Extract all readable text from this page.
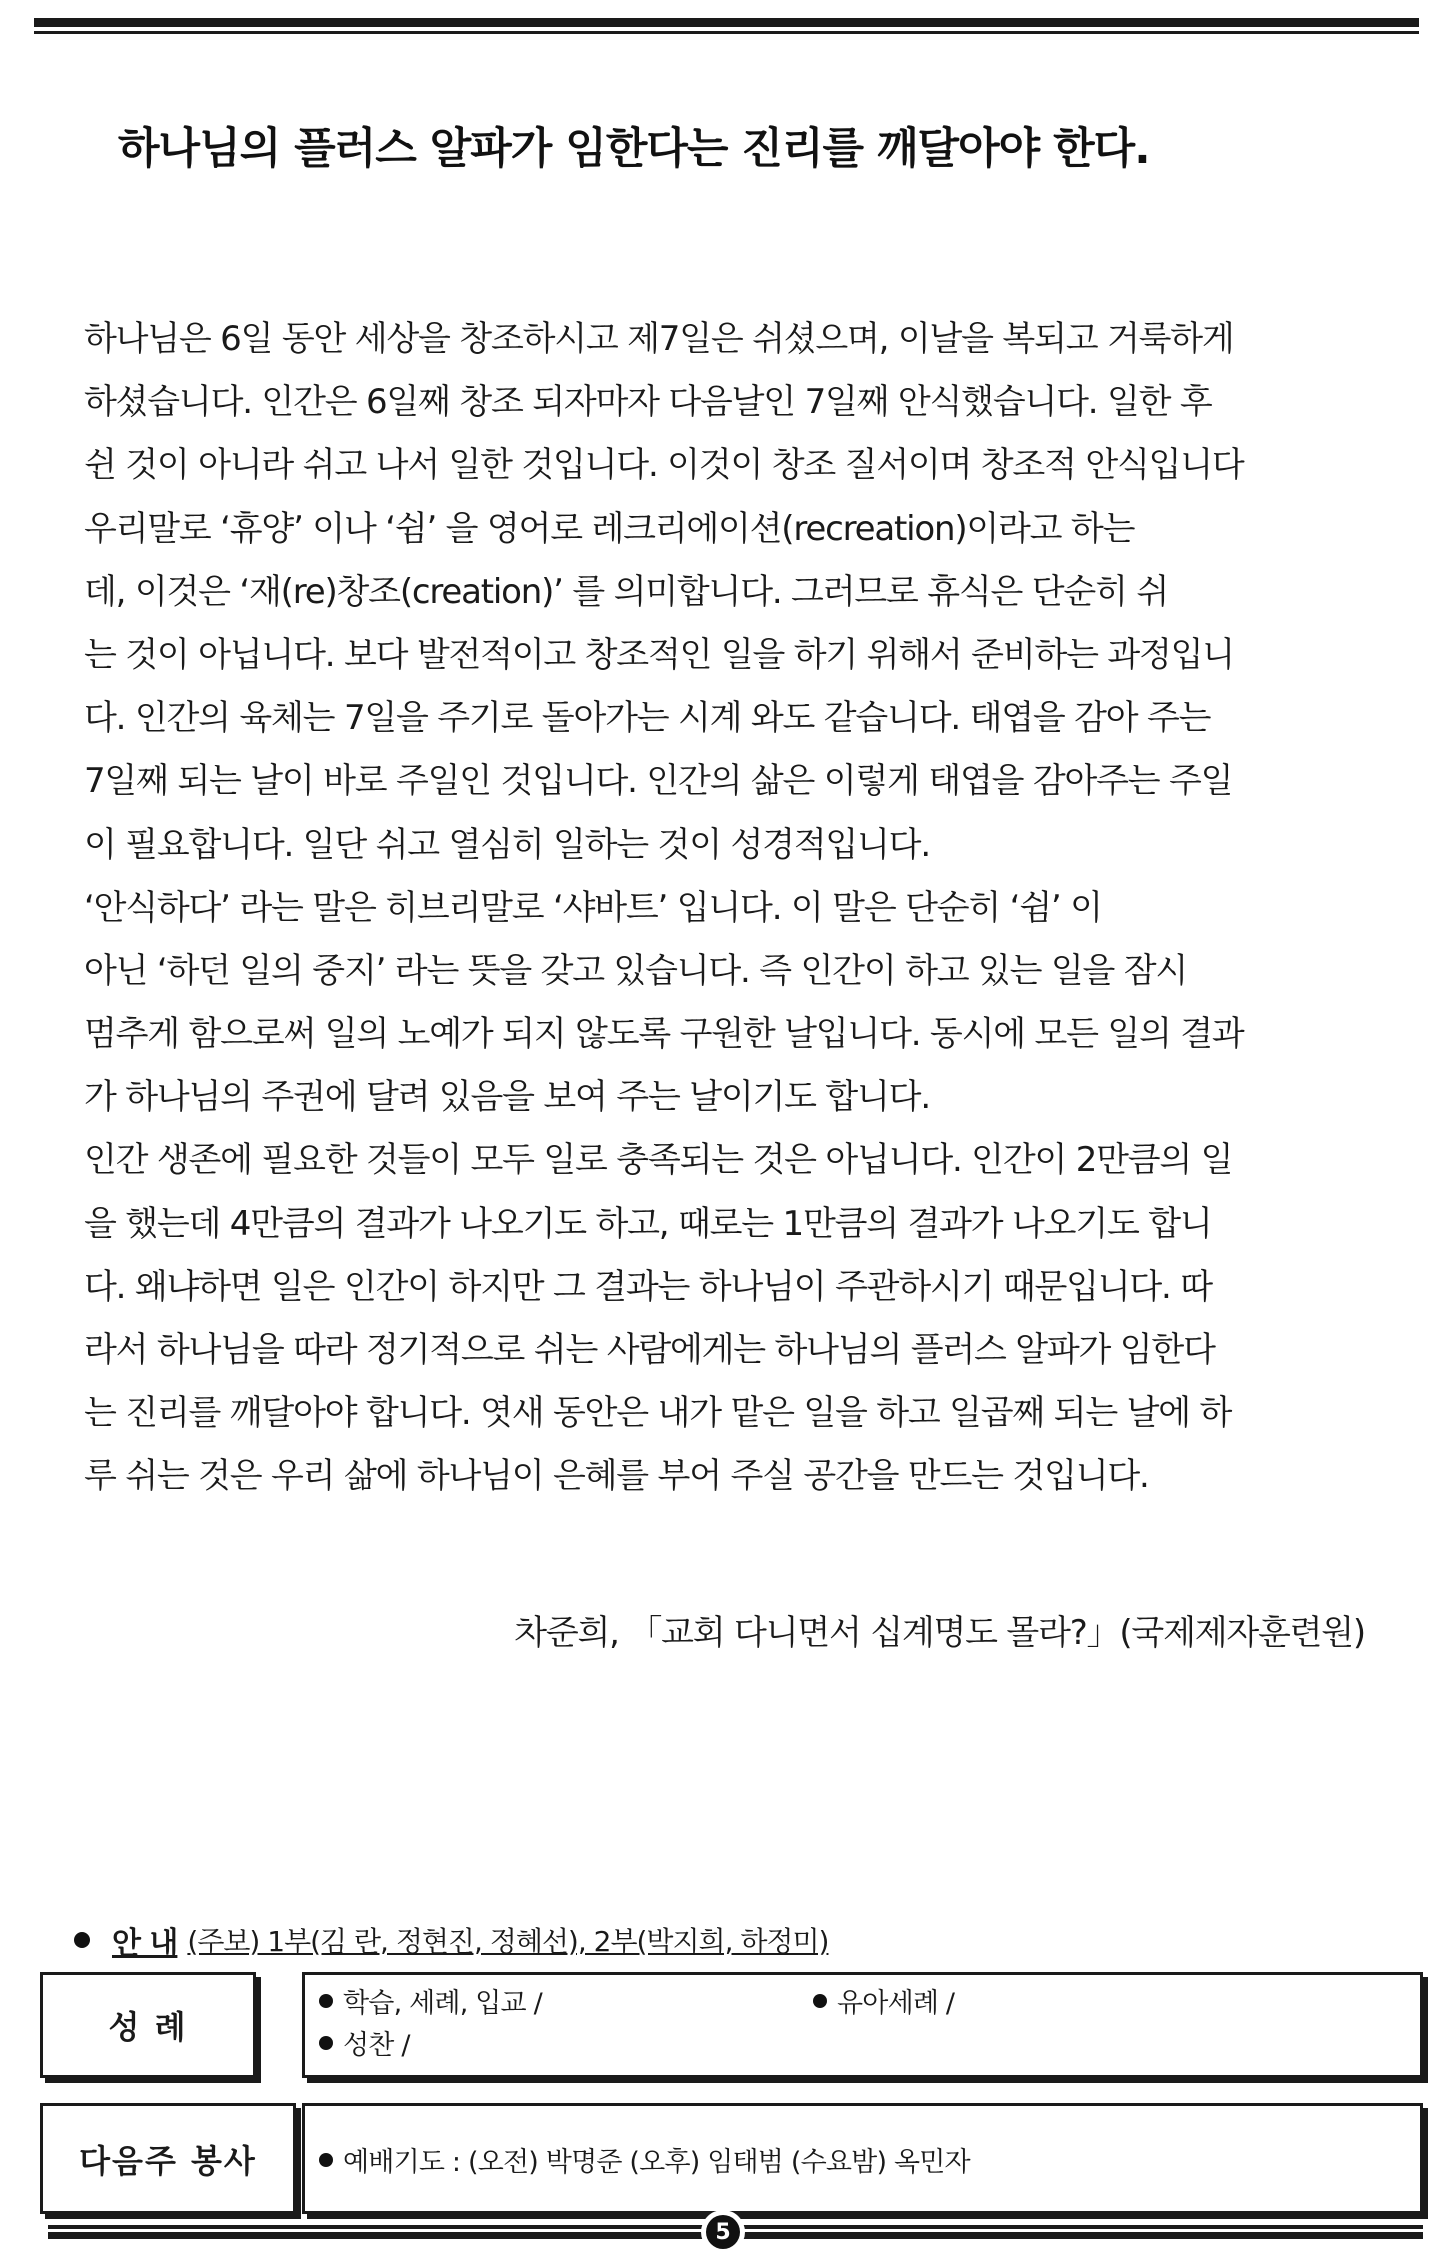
하나님의 플러스 알파가 임한다는 진리를 깨달아야 한다.
하나님은 6일 동안 세상을 창조하시고 제7일은 쉬셨으며, 이날을 복되고 거룩하게
하셨습니다. 인간은 6일째 창조 되자마자 다음날인 7일째 안식했습니다. 일한 후
쉰 것이 아니라 쉬고 나서 일한 것입니다. 이것이 창조 질서이며 창조적 안식입니다
우리말로 ‘휴양’ 이나 ‘쉼’ 을 영어로 레크리에이션(recreation)이라고 하는
데, 이것은 ‘재(re)창조(creation)’ 를 의미합니다. 그러므로 휴식은 단순히 쉬
는 것이 아닙니다. 보다 발전적이고 창조적인 일을 하기 위해서 준비하는 과정입니
다. 인간의 육체는 7일을 주기로 돌아가는 시계 와도 같습니다. 태엽을 감아 주는
7일째 되는 날이 바로 주일인 것입니다. 인간의 삶은 이렇게 태엽을 감아주는 주일
이 필요합니다. 일단 쉬고 열심히 일하는 것이 성경적입니다.
‘안식하다’ 라는 말은 히브리말로 ‘샤바트’ 입니다. 이 말은 단순히 ‘쉼’ 이
아닌 ‘하던 일의 중지’ 라는 뜻을 갖고 있습니다. 즉 인간이 하고 있는 일을 잠시
멈추게 함으로써 일의 노예가 되지 않도록 구원한 날입니다. 동시에 모든 일의 결과
가 하나님의 주권에 달려 있음을 보여 주는 날이기도 합니다.
인간 생존에 필요한 것들이 모두 일로 충족되는 것은 아닙니다. 인간이 2만큼의 일
을 했는데 4만큼의 결과가 나오기도 하고, 때로는 1만큼의 결과가 나오기도 합니
다. 왜냐하면 일은 인간이 하지만 그 결과는 하나님이 주관하시기 때문입니다. 따
라서 하나님을 따라 정기적으로 쉬는 사람에게는 하나님의 플러스 알파가 임한다
는 진리를 깨달아야 합니다. 엿새 동안은 내가 맡은 일을 하고 일곱째 되는 날에 하
루 쉬는 것은 우리 삶에 하나님이 은혜를 부어 주실 공간을 만드는 것입니다.
차준희, 「교회 다니면서 십계명도 몰라?」(국제제자훈련원)
안 내 (주보) 1부(김 란, 정현진, 정혜선), 2부(박지희, 하정미)
성 례
학습, 세례, 입교 /	유아세례 /
성찬 /
다음주 봉사	예배기도 : (오전) 박명준 (오후) 임태범 (수요밤) 옥민자
5
